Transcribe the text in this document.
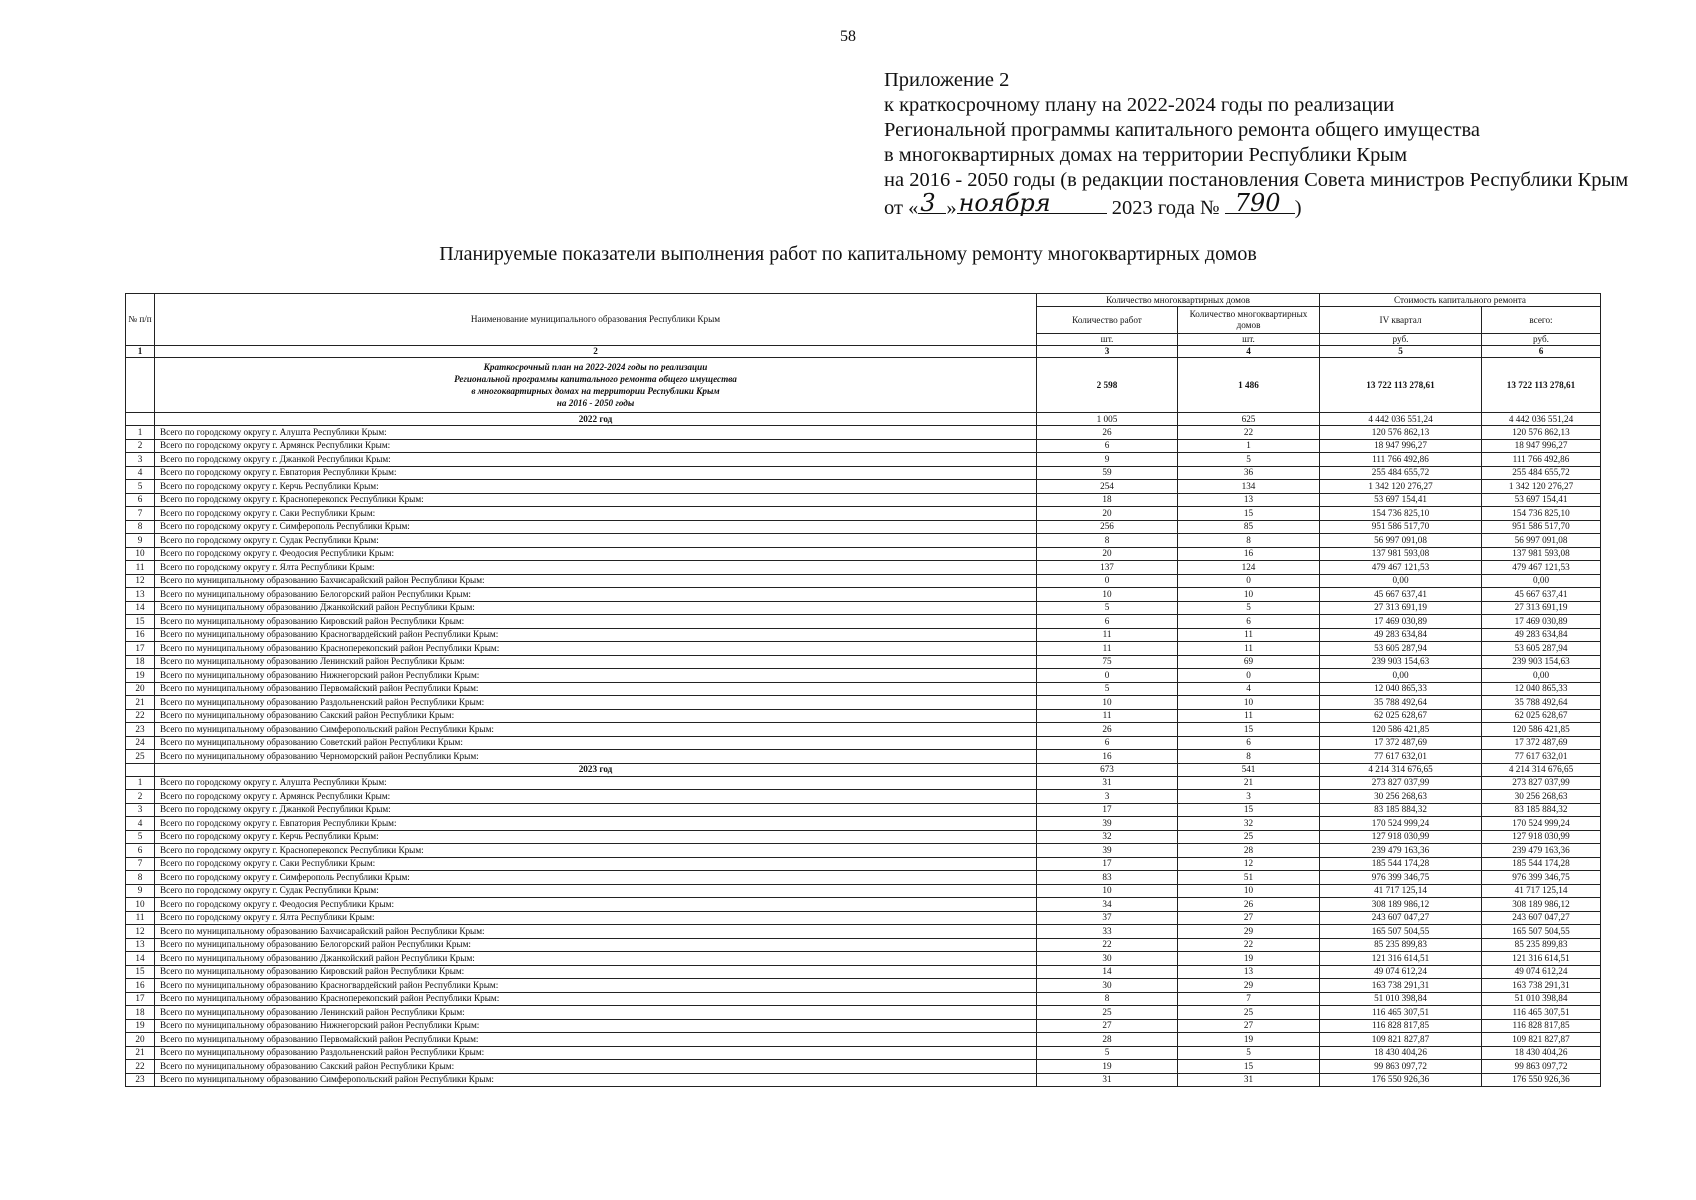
58
Приложение 2
к краткосрочному плану на 2022-2024 годы по реализации
Региональной программы капитального ремонта общего имущества
в многоквартирных домах на территории Республики Крым
на 2016 - 2050 годы (в редакции постановления Совета министров Республики Крым
от « 3 » ноября	2023 года № 790 )
Планируемые показатели выполнения работ по капитальному ремонту многоквартирных домов
№ п/п	Наименование муниципального образования Республики Крым	Количество многоквартирных домов		Стоимость капитального ремонта	
		Количество работ	Количество многоквартирных домов	IV квартал	всего:
		шт.	шт.	руб.	руб.
1	2	3	4	5	6

	Краткосрочный план на 2022-2024 годы по реализации
Региональной программы капитального ремонта общего имущества
в многоквартирных домах на территории Республики Крым
на 2016 - 2050 годы	2 598	1 486	13 722 113 278,61	13 722 113 278,61
	2022 год	1 005	625	4 442 036 551,24	4 442 036 551,24
1	Всего по городскому округу г. Алушта Республики Крым:	26	22	120 576 862,13	120 576 862,13
2	Всего по городскому округу г. Армянск Республики Крым:	6	1	18 947 996,27	18 947 996,27
3	Всего по городскому округу г. Джанкой Республики Крым:	9	5	111 766 492,86	111 766 492,86
4	Всего по городскому округу г. Евпатория Республики Крым:	59	36	255 484 655,72	255 484 655,72
5	Всего по городскому округу г. Керчь Республики Крым:	254	134	1 342 120 276,27	1 342 120 276,27
6	Всего по городскому округу г. Красноперекопск Республики Крым:	18	13	53 697 154,41	53 697 154,41
7	Всего по городскому округу г. Саки Республики Крым:	20	15	154 736 825,10	154 736 825,10
8	Всего по городскому округу г. Симферополь Республики Крым:	256	85	951 586 517,70	951 586 517,70
9	Всего по городскому округу г. Судак Республики Крым:	8	8	56 997 091,08	56 997 091,08
10	Всего по городскому округу г. Феодосия Республики Крым:	20	16	137 981 593,08	137 981 593,08
11	Всего по городскому округу г. Ялта Республики Крым:	137	124	479 467 121,53	479 467 121,53
12	Всего по муниципальному образованию Бахчисарайский район Республики Крым:	0	0	0,00	0,00
13	Всего по муниципальному образованию Белогорский район Республики Крым:	10	10	45 667 637,41	45 667 637,41
14	Всего по муниципальному образованию Джанкойский район Республики Крым:	5	5	27 313 691,19	27 313 691,19
15	Всего по муниципальному образованию Кировский район Республики Крым:	6	6	17 469 030,89	17 469 030,89
16	Всего по муниципальному образованию Красногвардейский район Республики Крым:	11	11	49 283 634,84	49 283 634,84
17	Всего по муниципальному образованию Красноперекопский район Республики Крым:	11	11	53 605 287,94	53 605 287,94
18	Всего по муниципальному образованию Ленинский район Республики Крым:	75	69	239 903 154,63	239 903 154,63
19	Всего по муниципальному образованию Нижнегорский район Республики Крым:	0	0	0,00	0,00
20	Всего по муниципальному образованию Первомайский район Республики Крым:	5	4	12 040 865,33	12 040 865,33
21	Всего по муниципальному образованию Раздольненский район Республики Крым:	10	10	35 788 492,64	35 788 492,64
22	Всего по муниципальному образованию Сакский район Республики Крым:	11	11	62 025 628,67	62 025 628,67
23	Всего по муниципальному образованию Симферопольский район Республики Крым:	26	15	120 586 421,85	120 586 421,85
24	Всего по муниципальному образованию Советский район Республики Крым:	6	6	17 372 487,69	17 372 487,69
25	Всего по муниципальному образованию Черноморский район Республики Крым:	16	8	77 617 632,01	77 617 632,01
	2023 год	673	541	4 214 314 676,65	4 214 314 676,65
1	Всего по городскому округу г. Алушта Республики Крым:	31	21	273 827 037,99	273 827 037,99
2	Всего по городскому округу г. Армянск Республики Крым:	3	3	30 256 268,63	30 256 268,63
3	Всего по городскому округу г. Джанкой Республики Крым:	17	15	83 185 884,32	83 185 884,32
4	Всего по городскому округу г. Евпатория Республики Крым:	39	32	170 524 999,24	170 524 999,24
5	Всего по городскому округу г. Керчь Республики Крым:	32	25	127 918 030,99	127 918 030,99
6	Всего по городскому округу г. Красноперекопск Республики Крым:	39	28	239 479 163,36	239 479 163,36
7	Всего по городскому округу г. Саки Республики Крым:	17	12	185 544 174,28	185 544 174,28
8	Всего по городскому округу г. Симферополь Республики Крым:	83	51	976 399 346,75	976 399 346,75
9	Всего по городскому округу г. Судак Республики Крым:	10	10	41 717 125,14	41 717 125,14
10	Всего по городскому округу г. Феодосия Республики Крым:	34	26	308 189 986,12	308 189 986,12
11	Всего по городскому округу г. Ялта Республики Крым:	37	27	243 607 047,27	243 607 047,27
12	Всего по муниципальному образованию Бахчисарайский район Республики Крым:	33	29	165 507 504,55	165 507 504,55
13	Всего по муниципальному образованию Белогорский район Республики Крым:	22	22	85 235 899,83	85 235 899,83
14	Всего по муниципальному образованию Джанкойский район Республики Крым:	30	19	121 316 614,51	121 316 614,51
15	Всего по муниципальному образованию Кировский район Республики Крым:	14	13	49 074 612,24	49 074 612,24
16	Всего по муниципальному образованию Красногвардейский район Республики Крым:	30	29	163 738 291,31	163 738 291,31
17	Всего по муниципальному образованию Красноперекопский район Республики Крым:	8	7	51 010 398,84	51 010 398,84
18	Всего по муниципальному образованию Ленинский район Республики Крым:	25	25	116 465 307,51	116 465 307,51
19	Всего по муниципальному образованию Нижнегорский район Республики Крым:	27	27	116 828 817,85	116 828 817,85
20	Всего по муниципальному образованию Первомайский район Республики Крым:	28	19	109 821 827,87	109 821 827,87
21	Всего по муниципальному образованию Раздольненский район Республики Крым:	5	5	18 430 404,26	18 430 404,26
22	Всего по муниципальному образованию Сакский район Республики Крым:	19	15	99 863 097,72	99 863 097,72
23	Всего по муниципальному образованию Симферопольский район Республики Крым:	31	31	176 550 926,36	176 550 926,36
